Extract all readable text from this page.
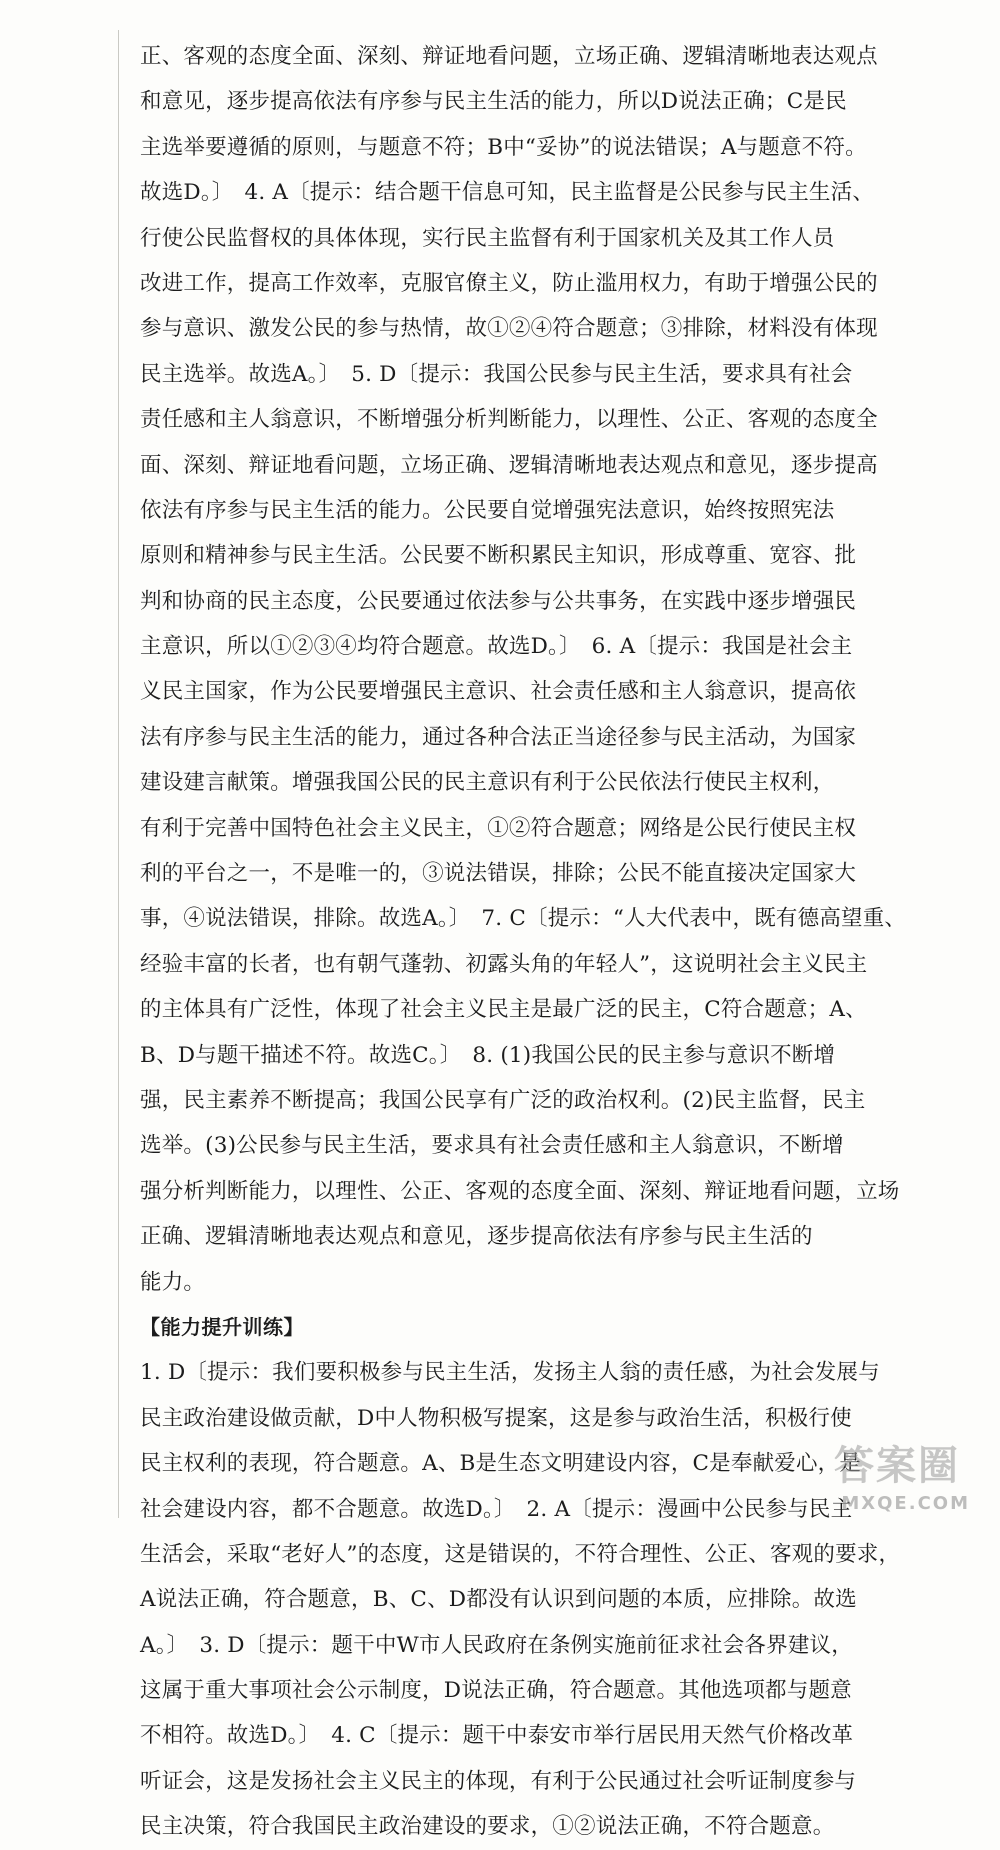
正、客观的态度全面、深刻、辩证地看问题，立场正确、逻辑清晰地表达观点
和意见，逐步提高依法有序参与民主生活的能力，所以D说法正确；C是民
主选举要遵循的原则，与题意不符；B中“妥协”的说法错误；A与题意不符。
故选D。〕　4. A〔提示：结合题干信息可知，民主监督是公民参与民主生活、
行使公民监督权的具体体现，实行民主监督有利于国家机关及其工作人员
改进工作，提高工作效率，克服官僚主义，防止滥用权力，有助于增强公民的
参与意识、激发公民的参与热情，故①②④符合题意；③排除，材料没有体现
民主选举。故选A。〕　5. D〔提示：我国公民参与民主生活，要求具有社会
责任感和主人翁意识，不断增强分析判断能力，以理性、公正、客观的态度全
面、深刻、辩证地看问题，立场正确、逻辑清晰地表达观点和意见，逐步提高
依法有序参与民主生活的能力。公民要自觉增强宪法意识，始终按照宪法
原则和精神参与民主生活。公民要不断积累民主知识，形成尊重、宽容、批
判和协商的民主态度，公民要通过依法参与公共事务，在实践中逐步增强民
主意识，所以①②③④均符合题意。故选D。〕　6. A〔提示：我国是社会主
义民主国家，作为公民要增强民主意识、社会责任感和主人翁意识，提高依
法有序参与民主生活的能力，通过各种合法正当途径参与民主活动，为国家
建设建言献策。增强我国公民的民主意识有利于公民依法行使民主权利，
有利于完善中国特色社会主义民主，①②符合题意；网络是公民行使民主权
利的平台之一，不是唯一的，③说法错误，排除；公民不能直接决定国家大
事，④说法错误，排除。故选A。〕　7. C〔提示：“人大代表中，既有德高望重、
经验丰富的长者，也有朝气蓬勃、初露头角的年轻人”，这说明社会主义民主
的主体具有广泛性，体现了社会主义民主是最广泛的民主，C符合题意；A、
B、D与题干描述不符。故选C。〕　8. (1)我国公民的民主参与意识不断增
强，民主素养不断提高；我国公民享有广泛的政治权利。(2)民主监督，民主
选举。(3)公民参与民主生活，要求具有社会责任感和主人翁意识，不断增
强分析判断能力，以理性、公正、客观的态度全面、深刻、辩证地看问题，立场
正确、逻辑清晰地表达观点和意见，逐步提高依法有序参与民主生活的
能力。
【能力提升训练】
1. D〔提示：我们要积极参与民主生活，发扬主人翁的责任感，为社会发展与
民主政治建设做贡献，D中人物积极写提案，这是参与政治生活，积极行使
民主权利的表现，符合题意。A、B是生态文明建设内容，C是奉献爱心，是
社会建设内容，都不合题意。故选D。〕　2. A〔提示：漫画中公民参与民主
生活会，采取“老好人”的态度，这是错误的，不符合理性、公正、客观的要求，
A说法正确，符合题意，B、C、D都没有认识到问题的本质，应排除。故选
A。〕　3. D〔提示：题干中W市人民政府在条例实施前征求社会各界建议，
这属于重大事项社会公示制度，D说法正确，符合题意。其他选项都与题意
不相符。故选D。〕　4. C〔提示：题干中泰安市举行居民用天然气价格改革
听证会，这是发扬社会主义民主的体现，有利于公民通过社会听证制度参与
民主决策，符合我国民主政治建设的要求，①②说法正确，不符合题意。
答案圈
MXQE.COM
